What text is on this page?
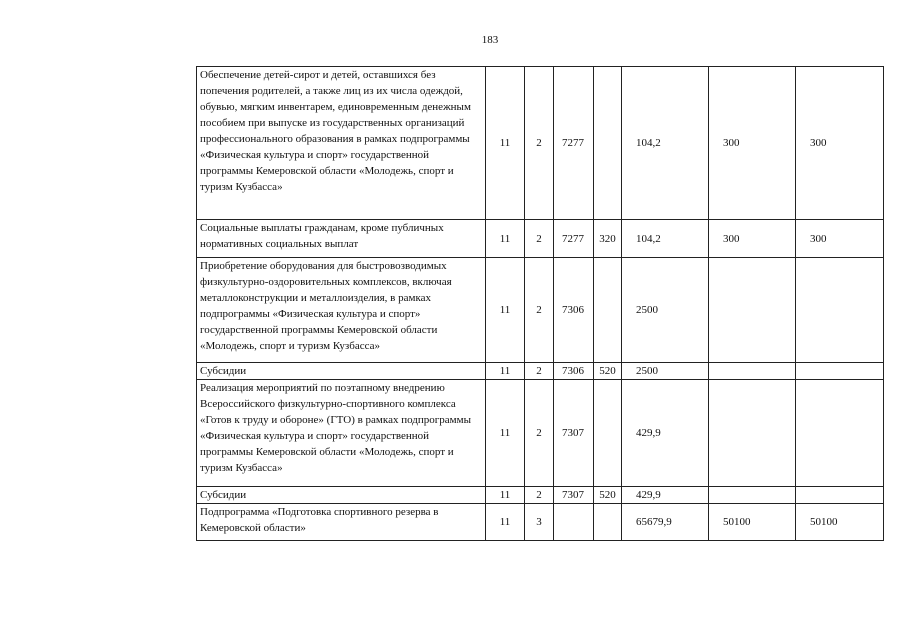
183
Обеспечение детей-сирот и детей, оставшихся без попечения родителей, а также лиц из их числа одеждой, обувью, мягким инвентарем, единовременным денежным пособием при выпуске из государственных организаций профессионального образования в рамках подпрограммы «Физическая культура и спорт» государственной программы Кемеровской области «Молодежь, спорт и туризм Кузбасса»	11	2	7277		104,2	300	300
Социальные выплаты гражданам, кроме публичных нормативных социальных выплат	11	2	7277	320	104,2	300	300
Приобретение оборудования для быстровозводимых физкультурно-оздоровительных комплексов, включая металлоконструкции и металлоизделия, в рамках подпрограммы «Физическая культура и спорт» государственной программы Кемеровской области «Молодежь, спорт и туризм Кузбасса»	11	2	7306		2500		
Субсидии	11	2	7306	520	2500		
Реализация мероприятий по поэтапному внедрению Всероссийского физкультурно-спортивного комплекса «Готов к труду и обороне» (ГТО) в рамках подпрограммы «Физическая культура и спорт» государственной программы Кемеровской области «Молодежь, спорт и туризм Кузбасса»	11	2	7307		429,9		
Субсидии	11	2	7307	520	429,9		
Подпрограмма «Подготовка спортивного резерва в Кемеровской области»	11	3			65679,9	50100	50100
